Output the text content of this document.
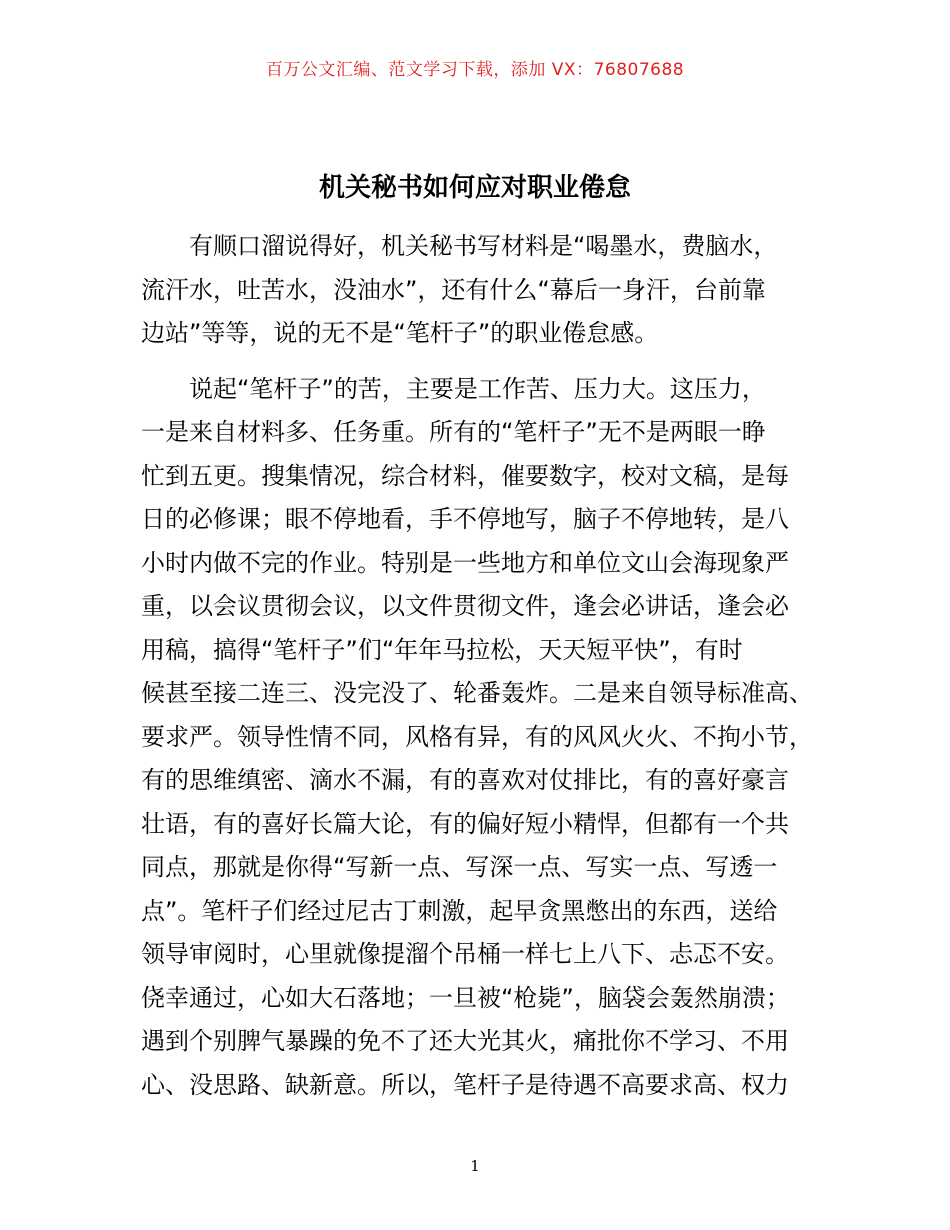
百万公文汇编、范文学习下载，添加 VX：76807688
机关秘书如何应对职业倦怠
有顺口溜说得好，机关秘书写材料是“喝墨水，费脑水，
流汗水，吐苦水，没油水”，还有什么“幕后一身汗，台前靠
边站”等等，说的无不是“笔杆子”的职业倦怠感。
说起“笔杆子”的苦，主要是工作苦、压力大。这压力，
一是来自材料多、任务重。所有的“笔杆子”无不是两眼一睁
忙到五更。搜集情况，综合材料，催要数字，校对文稿，是每
日的必修课；眼不停地看，手不停地写，脑子不停地转，是八
小时内做不完的作业。特别是一些地方和单位文山会海现象严
重，以会议贯彻会议，以文件贯彻文件，逢会必讲话，逢会必
用稿，搞得“笔杆子”们“年年马拉松，天天短平快”，有时
候甚至接二连三、没完没了、轮番轰炸。二是来自领导标准高、
要求严。领导性情不同，风格有异，有的风风火火、不拘小节，
有的思维缜密、滴水不漏，有的喜欢对仗排比，有的喜好豪言
壮语，有的喜好长篇大论，有的偏好短小精悍，但都有一个共
同点，那就是你得“写新一点、写深一点、写实一点、写透一
点”。笔杆子们经过尼古丁刺激，起早贪黑憋出的东西，送给
领导审阅时，心里就像提溜个吊桶一样七上八下、忐忑不安。
侥幸通过，心如大石落地；一旦被“枪毙”，脑袋会轰然崩溃；
遇到个别脾气暴躁的免不了还大光其火，痛批你不学习、不用
心、没思路、缺新意。所以，笔杆子是待遇不高要求高、权力
1
